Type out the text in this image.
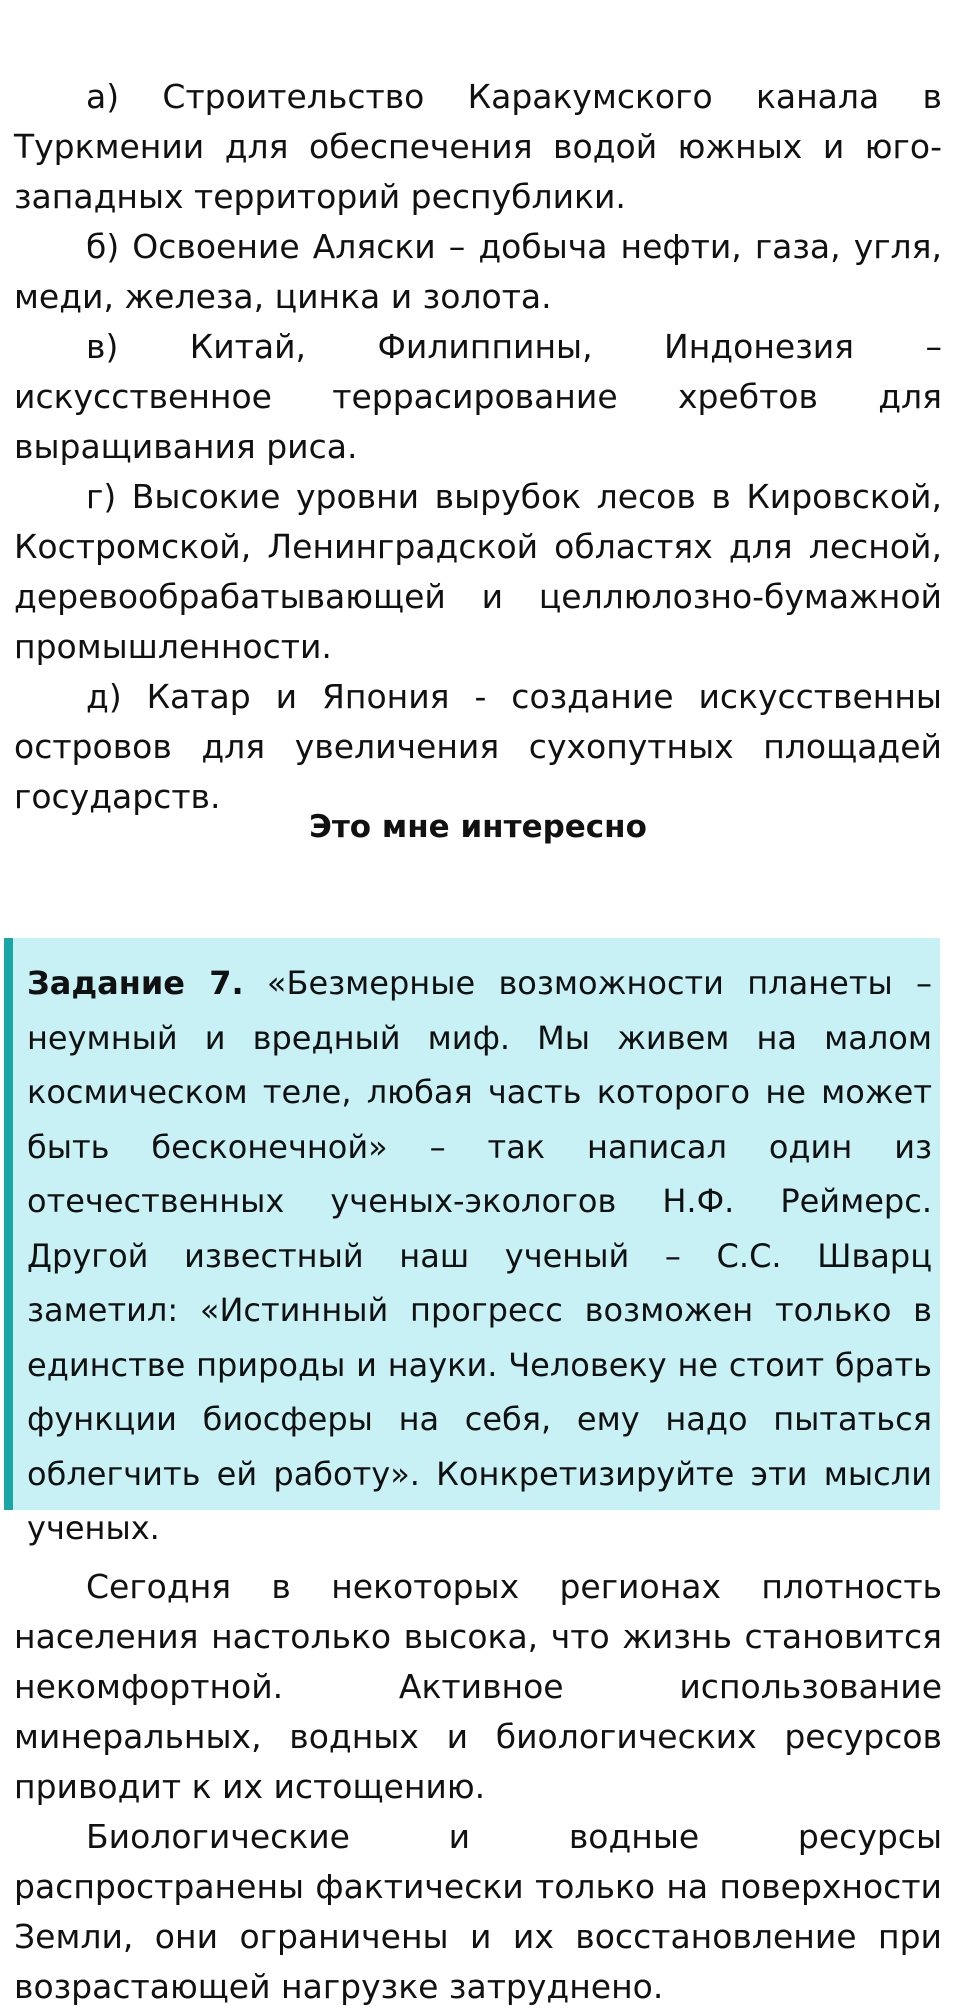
а) Строительство Каракумского канала в Туркмении для обеспечения водой южных и юго-западных территорий республики.

б) Освоение Аляски – добыча нефти, газа, угля, меди, железа, цинка и золота.

в) Китай, Филиппины, Индонезия – искусственное террасирование хребтов для выращивания риса.

г) Высокие уровни вырубок лесов в Кировской, Костромской, Ленинградской областях для лесной, деревообрабатывающей и целлюлозно-бумажной промышленности.

д) Катар и Япония - создание искусственны островов для увеличения сухопутных площадей государств.

Это мне интересно

Задание 7. «Безмерные возможности планеты – неумный и вредный миф. Мы живем на малом космическом теле, любая часть которого не может быть бесконечной» – так написал один из отечественных ученых-экологов Н.Ф. Реймерс. Другой известный наш ученый – С.С. Шварц заметил: «Истинный прогресс возможен только в единстве природы и науки. Человеку не стоит брать функции биосферы на себя, ему надо пытаться облегчить ей работу». Конкретизируйте эти мысли ученых.

Сегодня в некоторых регионах плотность населения настолько высока, что жизнь становится некомфортной. Активное использование минеральных, водных и биологических ресурсов приводит к их истощению.

Биологические и водные ресурсы распространены фактически только на поверхности Земли, они ограничены и их восстановление при возрастающей нагрузке затруднено.
